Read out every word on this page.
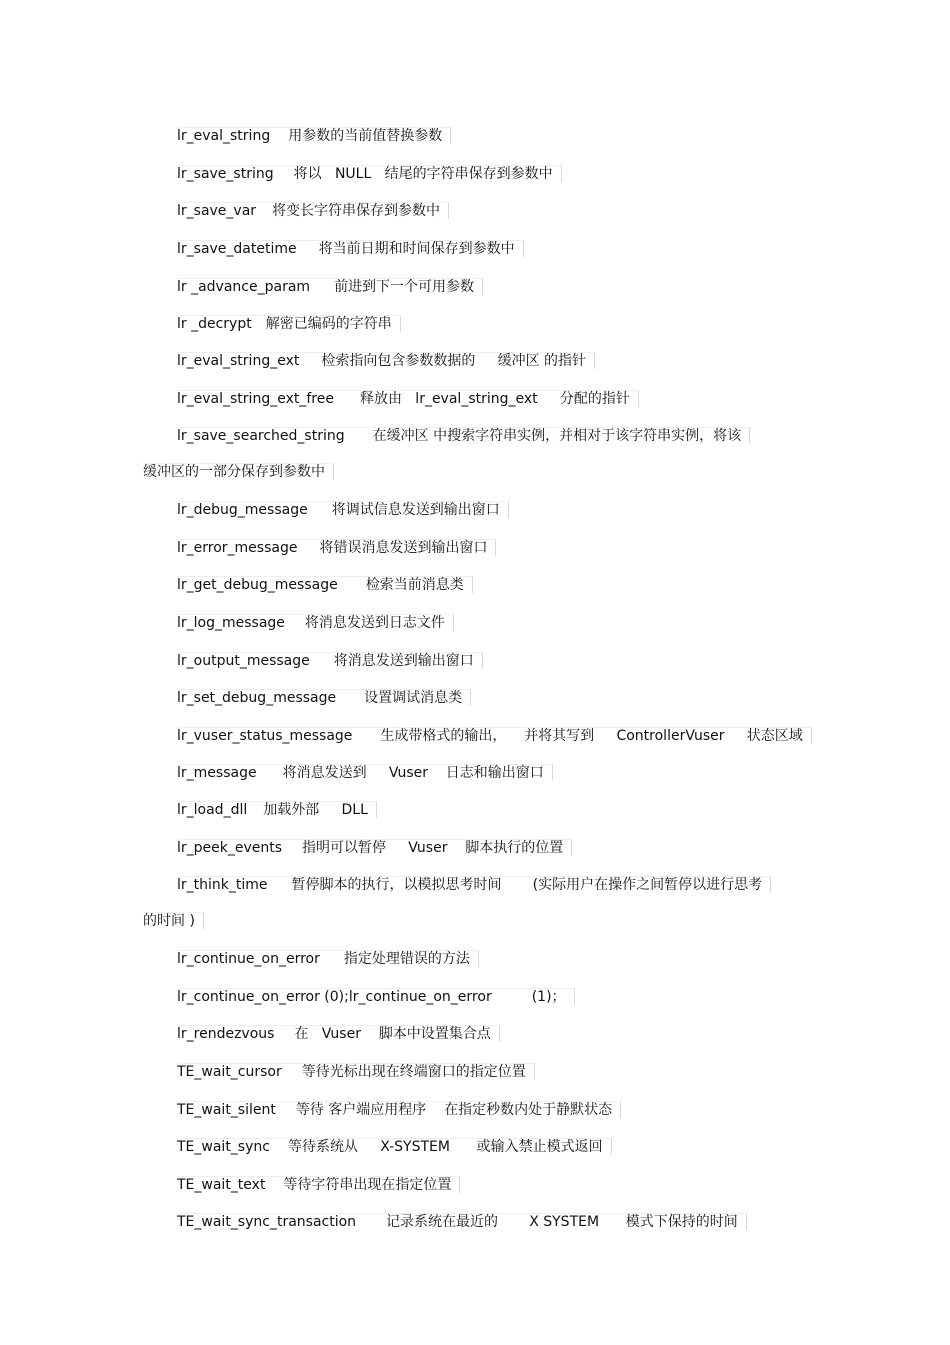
lr_eval_string 用参数的当前值替换参数
lr_save_string 将以   NULL   结尾的字符串保存到参数中
lr_save_var 将变长字符串保存到参数中
lr_save_datetime 将当前日期和时间保存到参数中
lr _advance_param 前进到下一个可用参数
lr _decrypt 解密已编码的字符串
lr_eval_string_ext 检索指向包含参数数据的     缓冲区 的指针
lr_eval_string_ext_free 释放由   lr_eval_string_ext     分配的指针
lr_save_searched_string 在缓冲区 中搜索字符串实例，并相对于该字符串实例，将该
缓冲区的一部分保存到参数中
lr_debug_message 将调试信息发送到输出窗口
lr_error_message 将错误消息发送到输出窗口
lr_get_debug_message 检索当前消息类
lr_log_message 将消息发送到日志文件
lr_output_message 将消息发送到输出窗口
lr_set_debug_message 设置调试消息类
lr_vuser_status_message 生成带格式的输出，    并将其写到     ControllerVuser     状态区域
lr_message 将消息发送到     Vuser    日志和输出窗口
lr_load_dll 加载外部     DLL
lr_peek_events 指明可以暂停     Vuser    脚本执行的位置
lr_think_time 暂停脚本的执行，以模拟思考时间       (实际用户在操作之间暂停以进行思考
的时间 )
lr_continue_on_error 指定处理错误的方法
lr_continue_on_error (0);lr_continue_on_error	(1)；
lr_rendezvous 在   Vuser    脚本中设置集合点
TE_wait_cursor 等待光标出现在终端窗口的指定位置
TE_wait_silent 等待 客户端应用程序    在指定秒数内处于静默状态
TE_wait_sync 等待系统从     X-SYSTEM      或输入禁止模式返回
TE_wait_text 等待字符串出现在指定位置
TE_wait_sync_transaction 记录系统在最近的       X SYSTEM      模式下保持的时间
